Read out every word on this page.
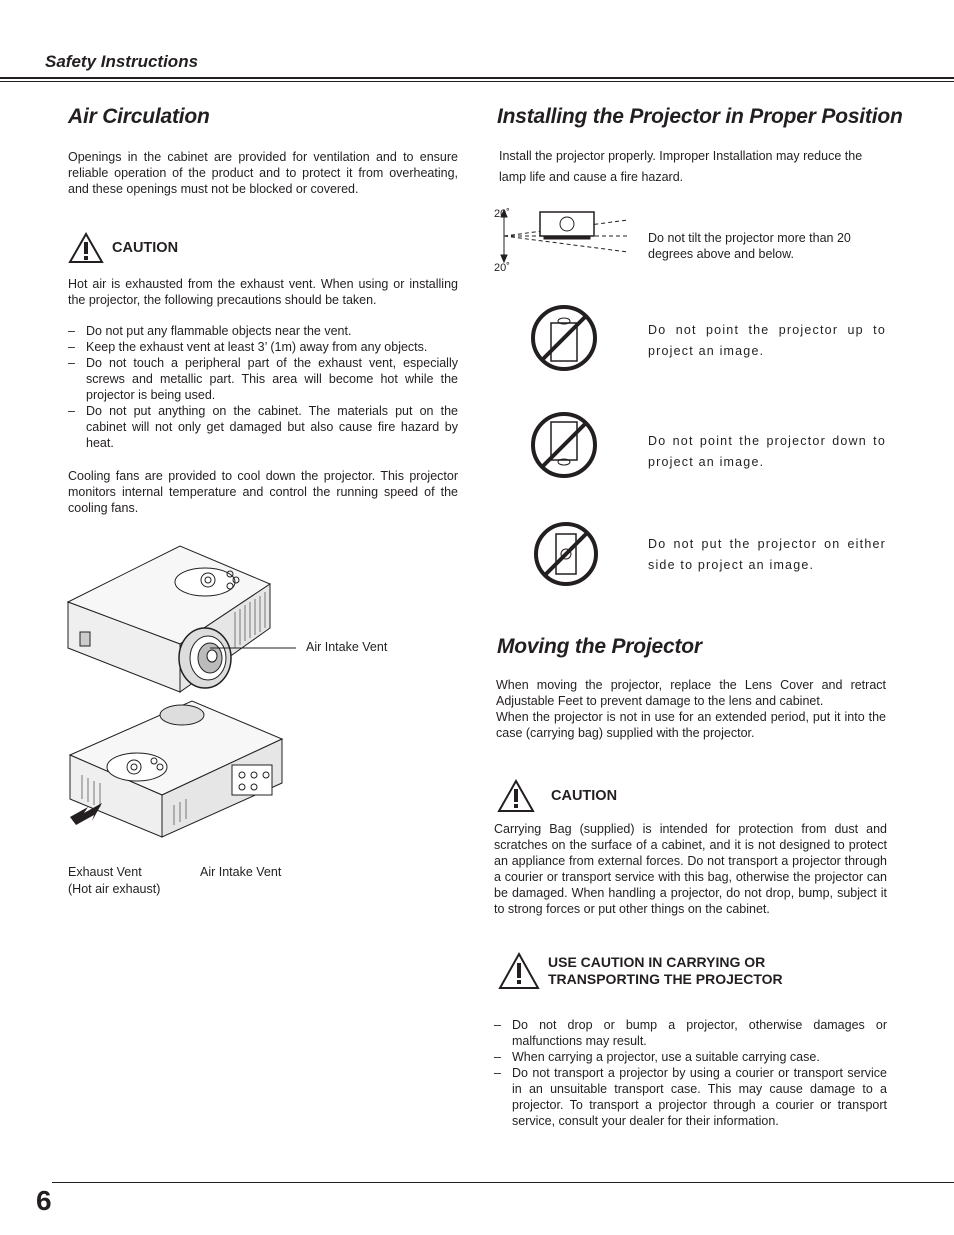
Safety Instructions
Air Circulation

Openings in the cabinet are provided for ventilation and to ensure reliable operation of the product and to protect it from overheating, and these openings must not be blocked or covered.

CAUTION

Hot air is exhausted from the exhaust vent. When using or installing the projector, the following precautions should be taken.

– Do not put any flammable objects near the vent.
– Keep the exhaust vent at least 3’ (1m) away from any objects.
– Do not touch a peripheral part of the exhaust vent, especially screws and metallic part. This area will become hot while the projector is being used.
– Do not put anything on the cabinet. The materials put on the cabinet will not only get damaged but also cause fire hazard by heat.

Cooling fans are provided to cool down the projector. This projector monitors internal temperature and control the running speed of the cooling fans.

Air Intake Vent
Exhaust Vent
(Hot air exhaust)
Air Intake Vent
Installing the Projector in Proper Position

Install the projector properly. Improper Installation may reduce the lamp life and cause a fire hazard.

20˚
20˚

Do not tilt the projector more than 20 degrees above and below.

Do not point the projector up to project an image.

Do not point the projector down to project an image.

Do not put the projector on either side to project an image.

Moving the Projector

When moving the projector, replace the Lens Cover and retract Adjustable Feet to prevent damage to the lens and cabinet.
When the projector is not in use for an extended period, put it into the case (carrying bag) supplied with the projector.

CAUTION

Carrying Bag (supplied) is intended for protection from dust and scratches on the surface of a cabinet, and it is not designed to protect an appliance from external forces. Do not transport a projector through a courier or transport service with this bag, otherwise the projector can be damaged. When handling a projector, do not drop, bump, subject it to strong forces or put other things on the cabinet.

USE CAUTION IN CARRYING OR
TRANSPORTING THE PROJECTOR
– Do not drop or bump a projector, otherwise damages or malfunctions may result.
– When carrying a projector, use a suitable carrying case.
– Do not transport a projector by using a courier or transport service in an unsuitable transport case. This may cause damage to a projector. To transport a projector through a courier or transport service, consult your dealer for their information.
6
